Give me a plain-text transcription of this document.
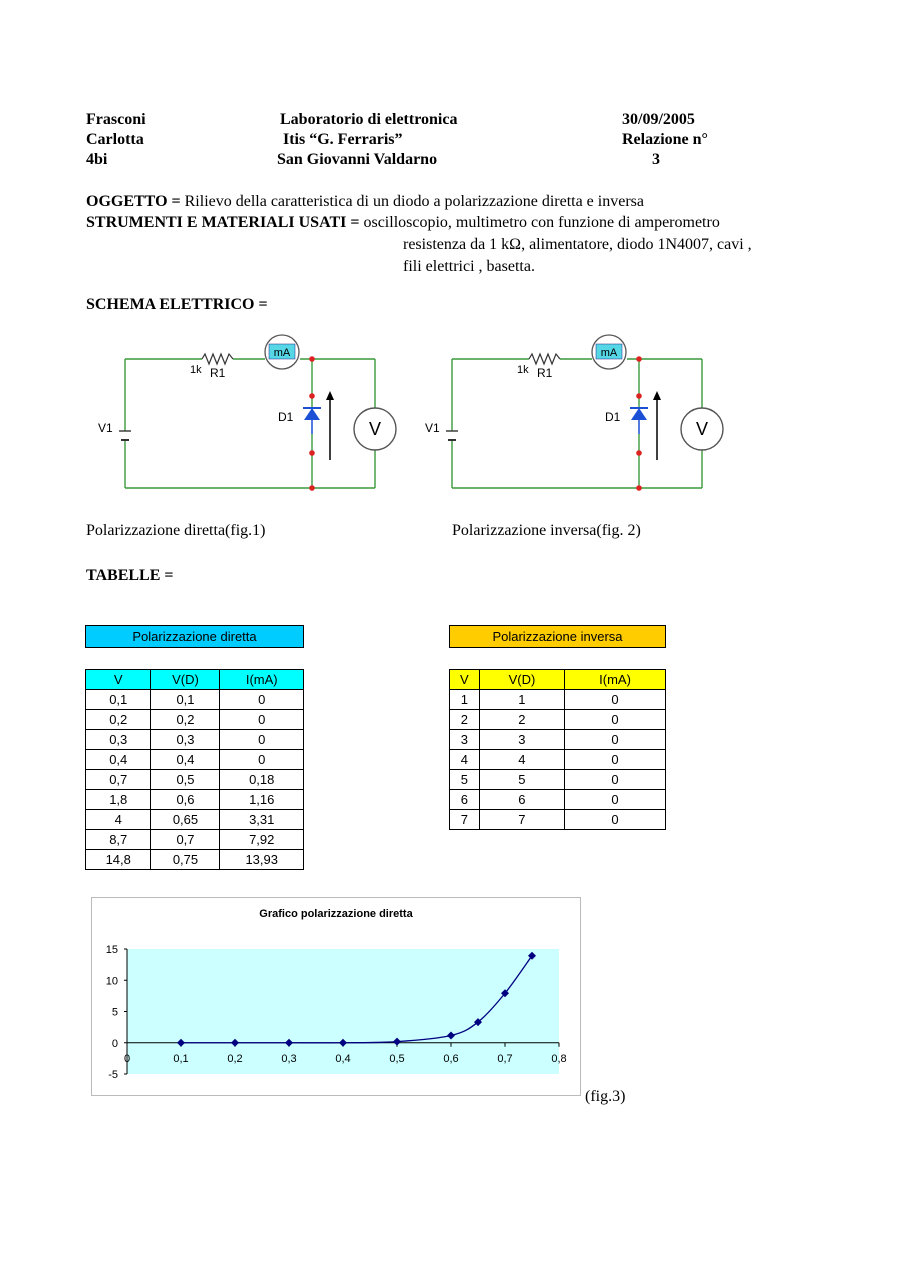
Frasconi
Carlotta
4bi
Laboratorio di elettronica
Itis “G. Ferraris”
San Giovanni Valdarno
30/09/2005
Relazione n°
3
OGGETTO = Rilievo della caratteristica di un diodo a polarizzazione diretta e inversa
STRUMENTI E MATERIALI USATI = oscilloscopio, multimetro con funzione di amperometro
resistenza da 1 kΩ, alimentatore, diodo 1N4007, cavi ,
fili elettrici , basetta.
SCHEMA ELETTRICO =
1k R1
mA
V1
D1
V
1k R1
mA
V1
D1
V
Polarizzazione diretta(fig.1)	Polarizzazione inversa(fig. 2)
TABELLE =
Polarizzazione diretta
V	V(D)	I(mA)
0,1	0,1	0
0,2	0,2	0
0,3	0,3	0
0,4	0,4	0
0,7	0,5	0,18
1,8	0,6	1,16
4	0,65	3,31
8,7	0,7	7,92
14,8	0,75	13,93
Polarizzazione inversa
V	V(D)	I(mA)
1	1	0
2	2	0
3	3	0
4	4	0
5	5	0
6	6	0
7	7	0
Grafico polarizzazione diretta
15
10
5
0
-5
0	0,1	0,2	0,3	0,4	0,5	0,6	0,7	0,8
(fig.3)
